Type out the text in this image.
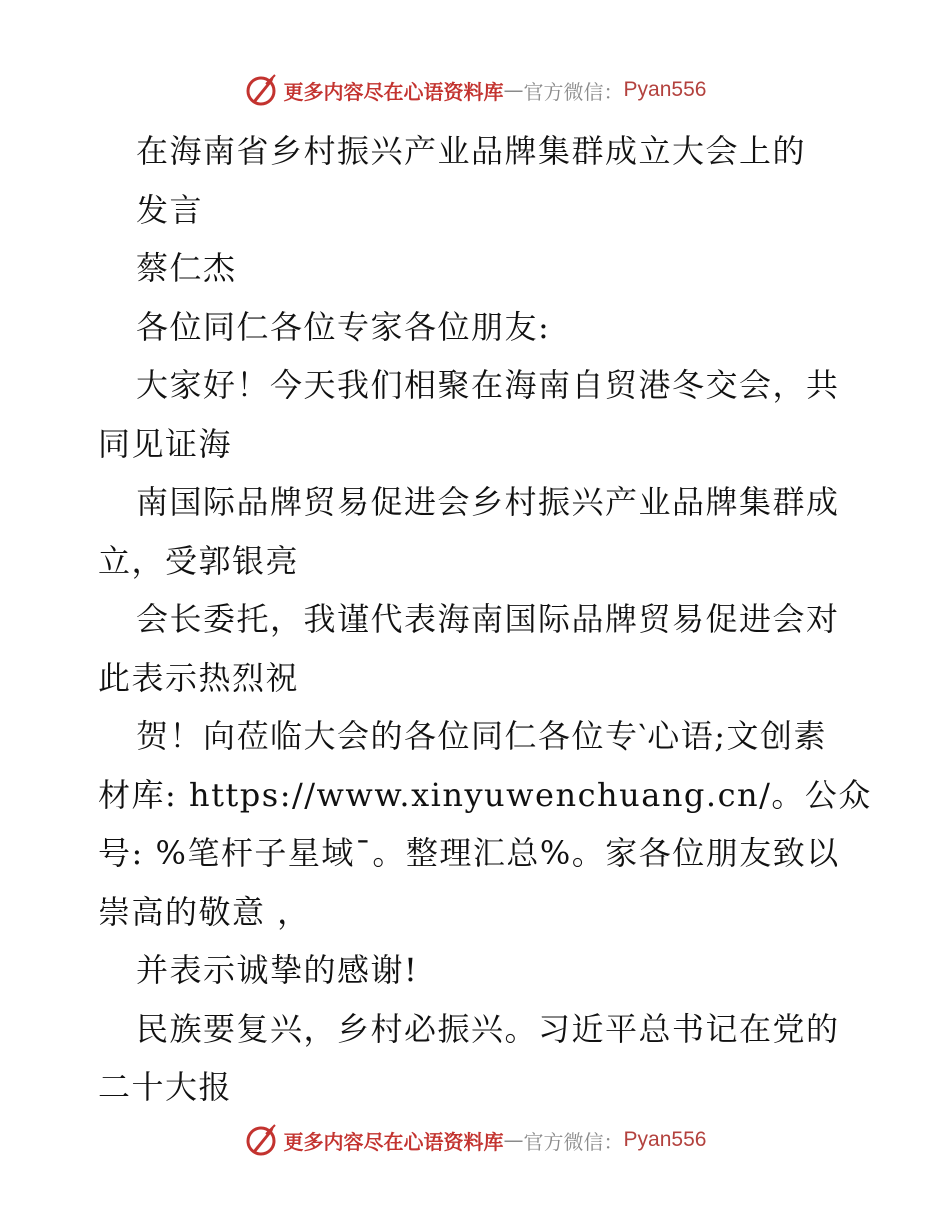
更多内容尽在心语资料库 — 官方微信： Pyan556
在海南省乡村振兴产业品牌集群成立大会上的
发言
蔡仁杰
各位同仁各位专家各位朋友:
大家好！今天我们相聚在海南自贸港冬交会，共
同见证海
南国际品牌贸易促进会乡村振兴产业品牌集群成
立，受郭银亮
会长委托，我谨代表海南国际品牌贸易促进会对
此表示热烈祝
贺！向莅临大会的各位同仁各位专‵心语;文创素
材库: https://www.xinyuwenchuang.cn/。公众
号: %笔杆子星域¯。整理汇总%。家各位朋友致以
崇高的敬意 ，
并表示诚挚的感谢!
民族要复兴，乡村必振兴。习近平总书记在党的
二十大报
更多内容尽在心语资料库 — 官方微信： Pyan556
